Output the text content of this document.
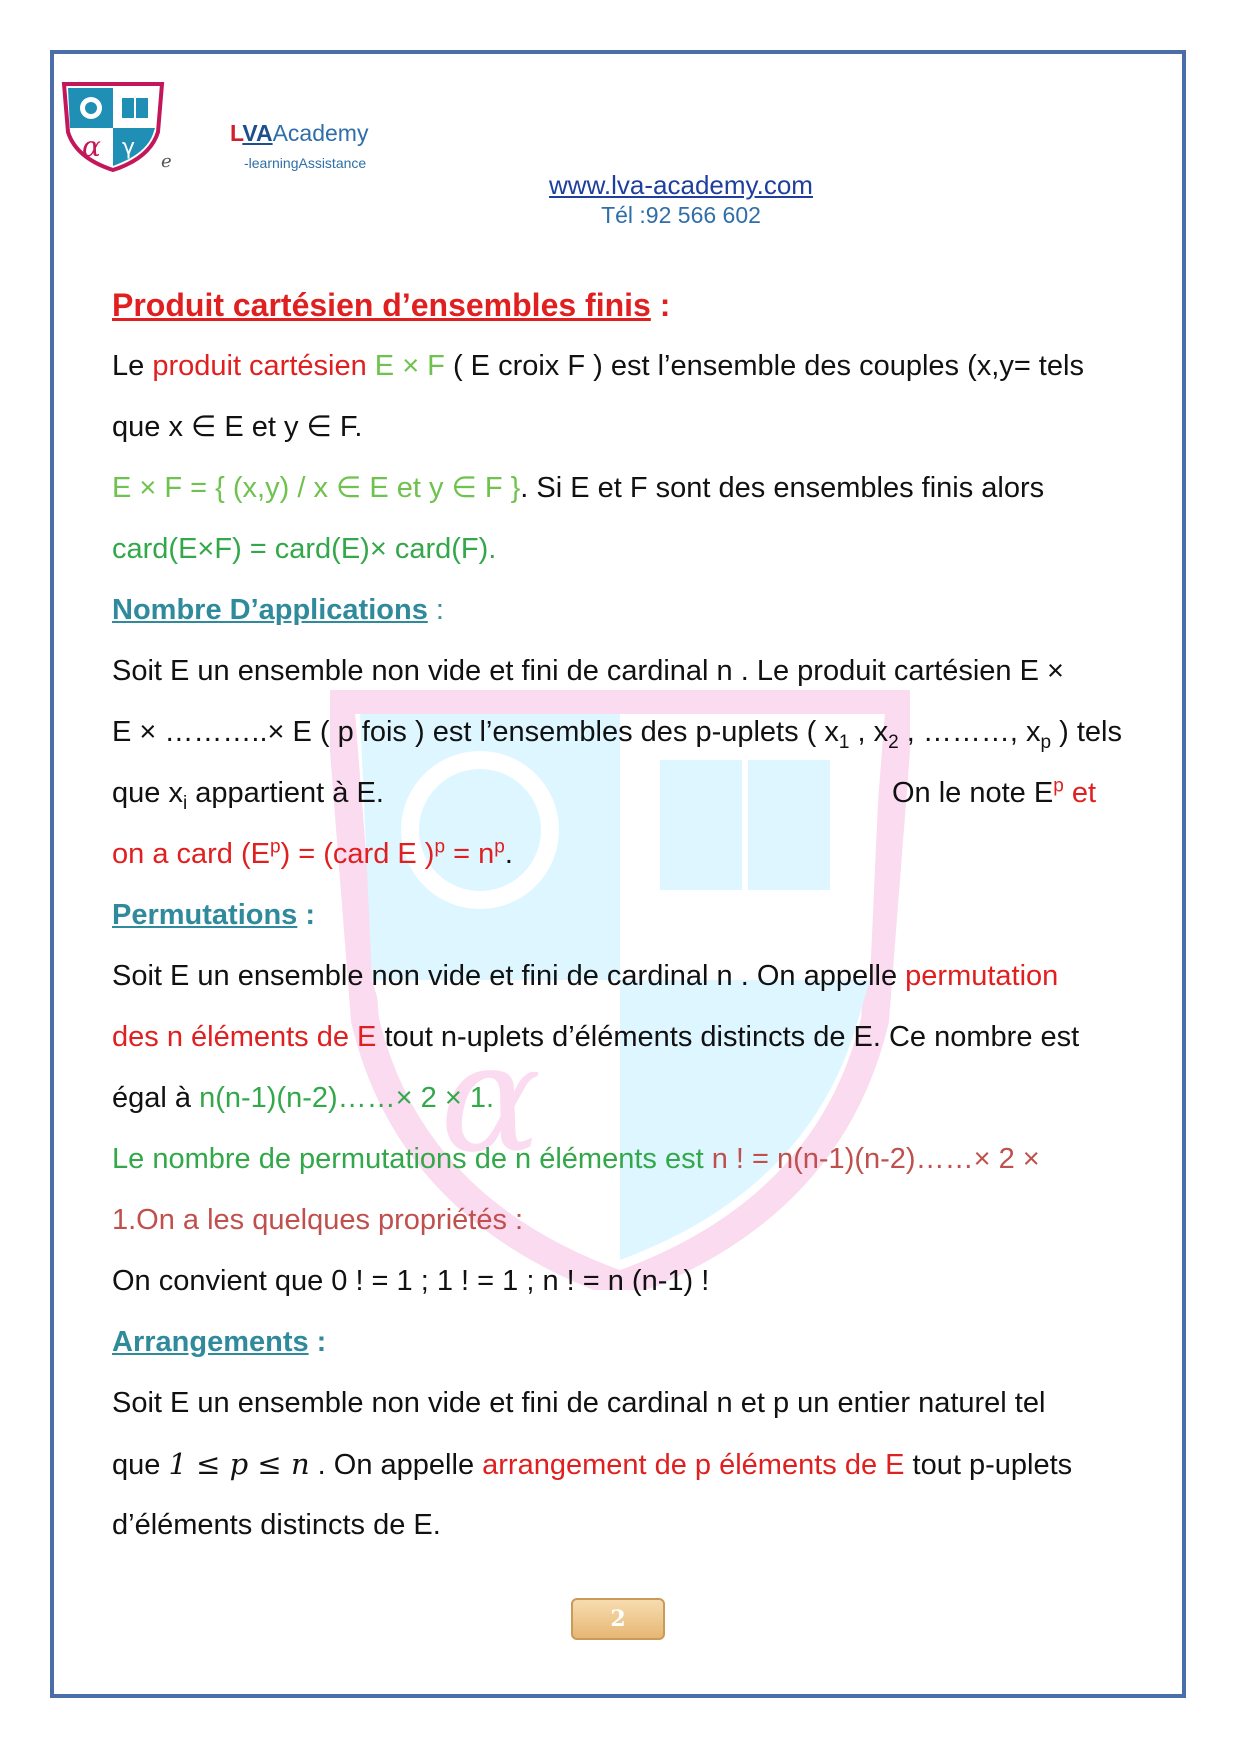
α γ
e
LVAAcademy
-learningAssistance
www.lva-academy.com
Tél :92 566 602
α
Produit cartésien d’ensembles finis :
Le produit cartésien E × F ( E croix F ) est l’ensemble des couples (x,y= tels
que x ∈ E et y ∈ F.
E × F = { (x,y) / x ∈ E et y ∈ F }. Si E et F sont des ensembles finis alors
card(E×F) = card(E)× card(F).
Nombre D’applications :
Soit E un ensemble non vide et fini de cardinal n . Le produit cartésien E ×
E × ………..× E ( p fois ) est l’ensembles des p-uplets ( $x_1$ , $x_2$ , ………, $x_p$ ) tels
que $x_i$ appartient à E.	On le note $E^p$ et
on a card $(E^p)$ = (card E )$^p = n^p$.
Permutations :
Soit E un ensemble non vide et fini de cardinal n . On appelle permutation
des n éléments de E tout n-uplets d’éléments distincts de E. Ce nombre est
égal à n(n-1)(n-2)……× 2 × 1.
Le nombre de permutations de n éléments est n ! = n(n-1)(n-2)……× 2 ×
1.On a les quelques propriétés :
On convient que 0 ! = 1 ; 1 ! = 1 ; n ! = n (n-1) !
Arrangements :
Soit E un ensemble non vide et fini de cardinal n et p un entier naturel tel
que 1 ≤ p ≤ n . On appelle arrangement de p éléments de E tout p-uplets
d’éléments distincts de E.
2
